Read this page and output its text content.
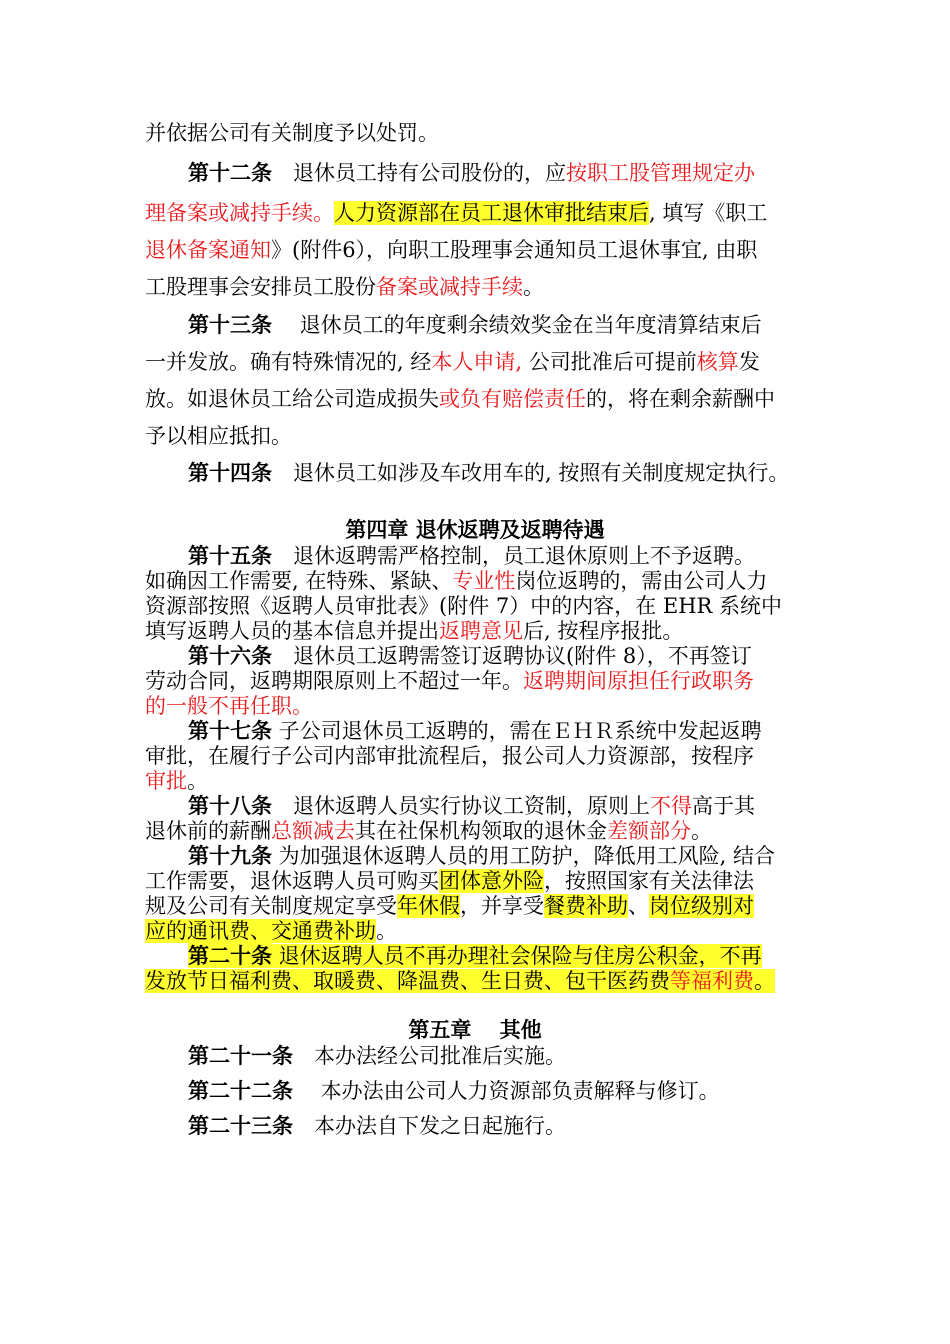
并依据公司有关制度予以处罚。
第十二条　退休员工持有公司股份的，应按职工股管理规定办
理备案或减持手续。人力资源部在员工退休审批结束后, 填写《职工
退休备案通知》(附件6），向职工股理事会通知员工退休事宜, 由职
工股理事会安排员工股份备案或减持手续。
第十三条　 退休员工的年度剩余绩效奖金在当年度清算结束后
一并发放。确有特殊情况的, 经本人申请, 公司批准后可提前核算发
放。如退休员工给公司造成损失或负有赔偿责任的，将在剩余薪酬中
予以相应抵扣。
第十四条　退休员工如涉及车改用车的, 按照有关制度规定执行。
第四章 退休返聘及返聘待遇
第十五条　退休返聘需严格控制，员工退休原则上不予返聘。
如确因工作需要, 在特殊、紧缺、专业性岗位返聘的，需由公司人力
资源部按照《返聘人员审批表》(附件 7）中的内容，在 EHR 系统中
填写返聘人员的基本信息并提出返聘意见后, 按程序报批。
第十六条　退休员工返聘需签订返聘协议(附件 8），不再签订
劳动合同，返聘期限原则上不超过一年。返聘期间原担任行政职务
的一般不再任职。
第十七条 子公司退休员工返聘的，需在ＥＨＲ系统中发起返聘
审批，在履行子公司内部审批流程后，报公司人力资源部，按程序
审批。
第十八条　退休返聘人员实行协议工资制，原则上不得高于其
退休前的薪酬总额减去其在社保机构领取的退休金差额部分。
第十九条 为加强退休返聘人员的用工防护，降低用工风险, 结合
工作需要，退休返聘人员可购买团体意外险，按照国家有关法律法
规及公司有关制度规定享受年休假，并享受餐费补助、岗位级别对
应的通讯费、交通费补助。
第二十条 退休返聘人员不再办理社会保险与住房公积金，不再
发放节日福利费、取暖费、降温费、生日费、包干医药费等福利费。
第五章　 其他
第二十一条　本办法经公司批准后实施。
第二十二条　 本办法由公司人力资源部负责解释与修订。
第二十三条　本办法自下发之日起施行。
